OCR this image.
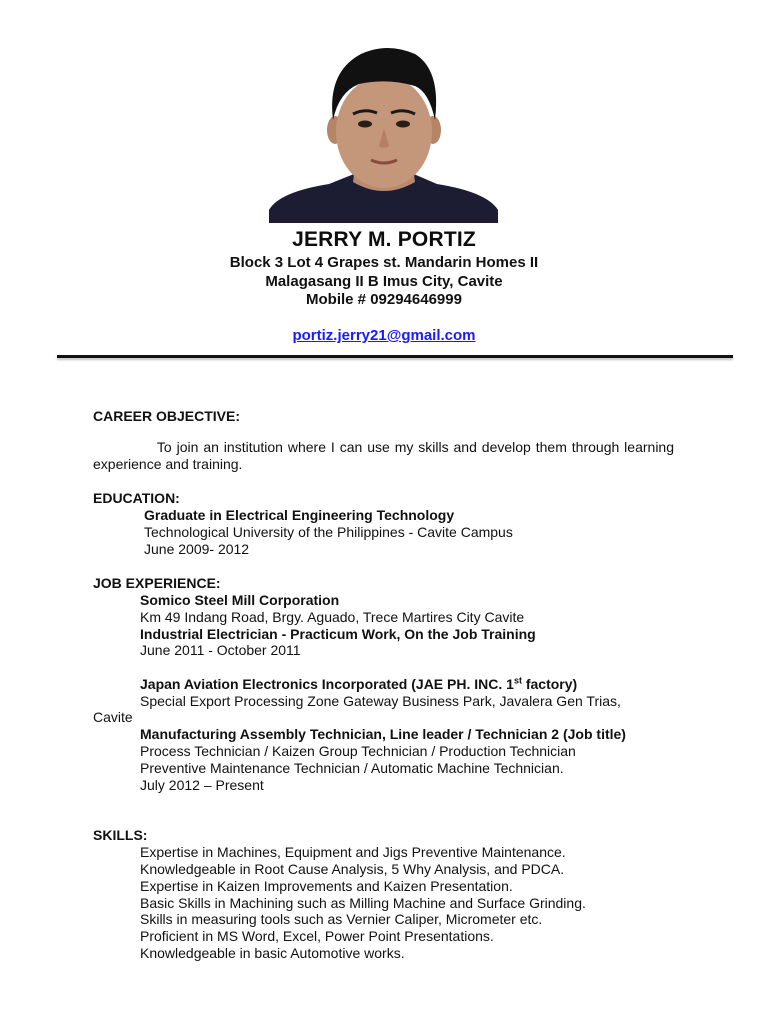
JERRY M. PORTIZ
Block 3 Lot 4 Grapes st. Mandarin Homes II
Malagasang II B Imus City, Cavite
Mobile # 09294646999
portiz.jerry21@gmail.com
CAREER OBJECTIVE:
To join an institution where I can use my skills and develop them through learning experience and training.
EDUCATION:
Graduate in Electrical Engineering Technology
Technological University of the Philippines - Cavite Campus
June 2009- 2012
JOB EXPERIENCE:
Somico Steel Mill Corporation
Km 49 Indang Road, Brgy. Aguado, Trece Martires City Cavite
Industrial Electrician - Practicum Work, On the Job Training
June 2011 - October 2011
Japan Aviation Electronics Incorporated (JAE PH. INC. 1st factory)
Special Export Processing Zone Gateway Business Park, Javalera Gen Trias,
Cavite
Manufacturing Assembly Technician, Line leader / Technician 2 (Job title)
Process Technician / Kaizen Group Technician / Production Technician
Preventive Maintenance Technician / Automatic Machine Technician.
July 2012 – Present
SKILLS:
Expertise in Machines, Equipment and Jigs Preventive Maintenance.
Knowledgeable in Root Cause Analysis, 5 Why Analysis, and PDCA.
Expertise in Kaizen Improvements and Kaizen Presentation.
Basic Skills in Machining such as Milling Machine and Surface Grinding.
Skills in measuring tools such as Vernier Caliper, Micrometer etc.
Proficient in MS Word, Excel, Power Point Presentations.
Knowledgeable in basic Automotive works.
